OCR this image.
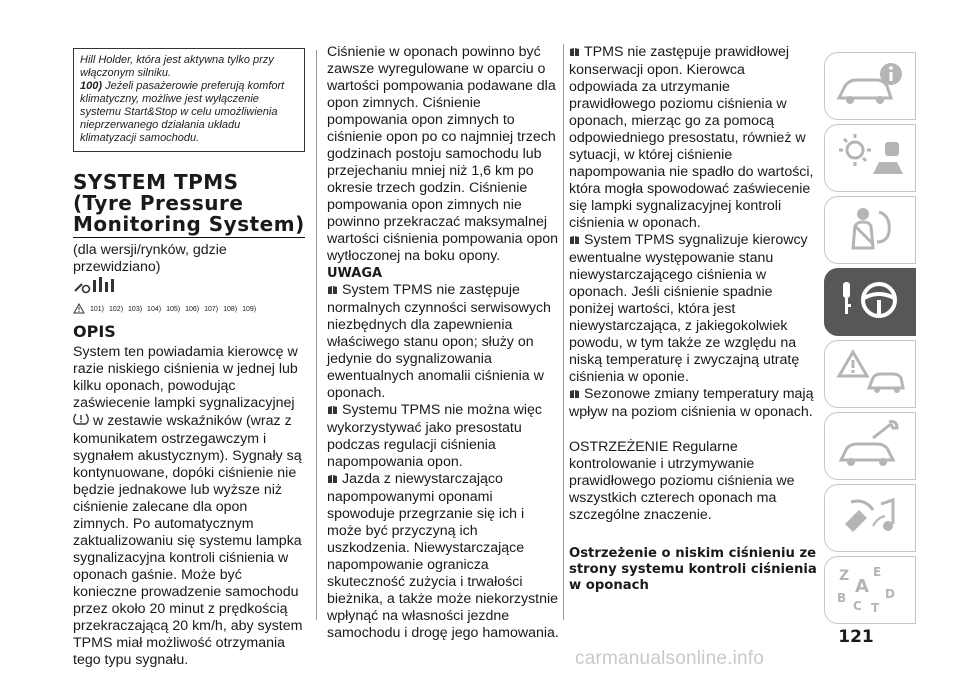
Hill Holder, która jest aktywna tylko przy włączonym silniku.
100) Jeżeli pasażerowie preferują komfort klimatyczny, możliwe jest wyłączenie systemu Start&Stop w celu umożliwienia nieprzerwanego działania układu klimatyzacji samochodu.
SYSTEM TPMS (Tyre Pressure Monitoring System)

(dla wersji/rynków, gdzie przewidziano)

101) 102) 103) 104) 105) 106) 107) 108) 109)
OPIS

System ten powiadamia kierowcę w razie niskiego ciśnienia w jednej lub kilku oponach, powodując zaświecenie lampki sygnalizacyjnej

w zestawie wskaźników (wraz z komunikatem ostrzegawczym i sygnałem akustycznym). Sygnały są kontynuowane, dopóki ciśnienie nie będzie jednakowe lub wyższe niż ciśnienie zalecane dla opon zimnych. Po automatycznym zaktualizowaniu się systemu lampka sygnalizacyjna kontroli ciśnienia w oponach gaśnie. Może być konieczne prowadzenie samochodu przez około 20 minut z prędkością przekraczającą 20 km/h, aby system TPMS miał możliwość otrzymania tego typu sygnału.

Ciśnienie w oponach powinno być zawsze wyregulowane w oparciu o wartości pompowania podawane dla opon zimnych. Ciśnienie pompowania opon zimnych to ciśnienie opon po co najmniej trzech godzinach postoju samochodu lub przejechaniu mniej niż 1,6 km po okresie trzech godzin. Ciśnienie pompowania opon zimnych nie powinno przekraczać maksymalnej wartości ciśnienia pompowania opon wytłoczonej na boku opony.

UWAGA

System TPMS nie zastępuje normalnych czynności serwisowych niezbędnych dla zapewnienia właściwego stanu opon; służy on jedynie do sygnalizowania ewentualnych anomalii ciśnienia w oponach.

Systemu TPMS nie można więc wykorzystywać jako presostatu podczas regulacji ciśnienia napompowania opon.

Jazda z niewystarczająco napompowanymi oponami spowoduje przegrzanie się ich i może być przyczyną ich uszkodzenia. Niewystarczające napompowanie ogranicza skuteczność zużycia i trwałości bieżnika, a także może niekorzystnie wpłynąć na własności jezdne samochodu i drogę jego hamowania.

TPMS nie zastępuje prawidłowej konserwacji opon. Kierowca odpowiada za utrzymanie prawidłowego poziomu ciśnienia w oponach, mierząc go za pomocą odpowiedniego presostatu, również w sytuacji, w której ciśnienie napompowania nie spadło do wartości, która mogła spowodować zaświecenie się lampki sygnalizacyjnej kontroli ciśnienia w oponach.

System TPMS sygnalizuje kierowcy ewentualne występowanie stanu niewystarczającego ciśnienia w oponach. Jeśli ciśnienie spadnie poniżej wartości, która jest niewystarczająca, z jakiegokolwiek powodu, w tym także ze względu na niską temperaturę i zwyczajną utratę ciśnienia w oponie.

Sezonowe zmiany temperatury mają wpływ na poziom ciśnienia w oponach.

OSTRZEŻENIE Regularne kontrolowanie i utrzymywanie prawidłowego poziomu ciśnienia we wszystkich czterech oponach ma szczególne znaczenie.

Ostrzeżenie o niskim ciśnieniu ze strony systemu kontroli ciśnienia w oponach
Z E
A
B	D
C T
121
carmanualsonline.info
